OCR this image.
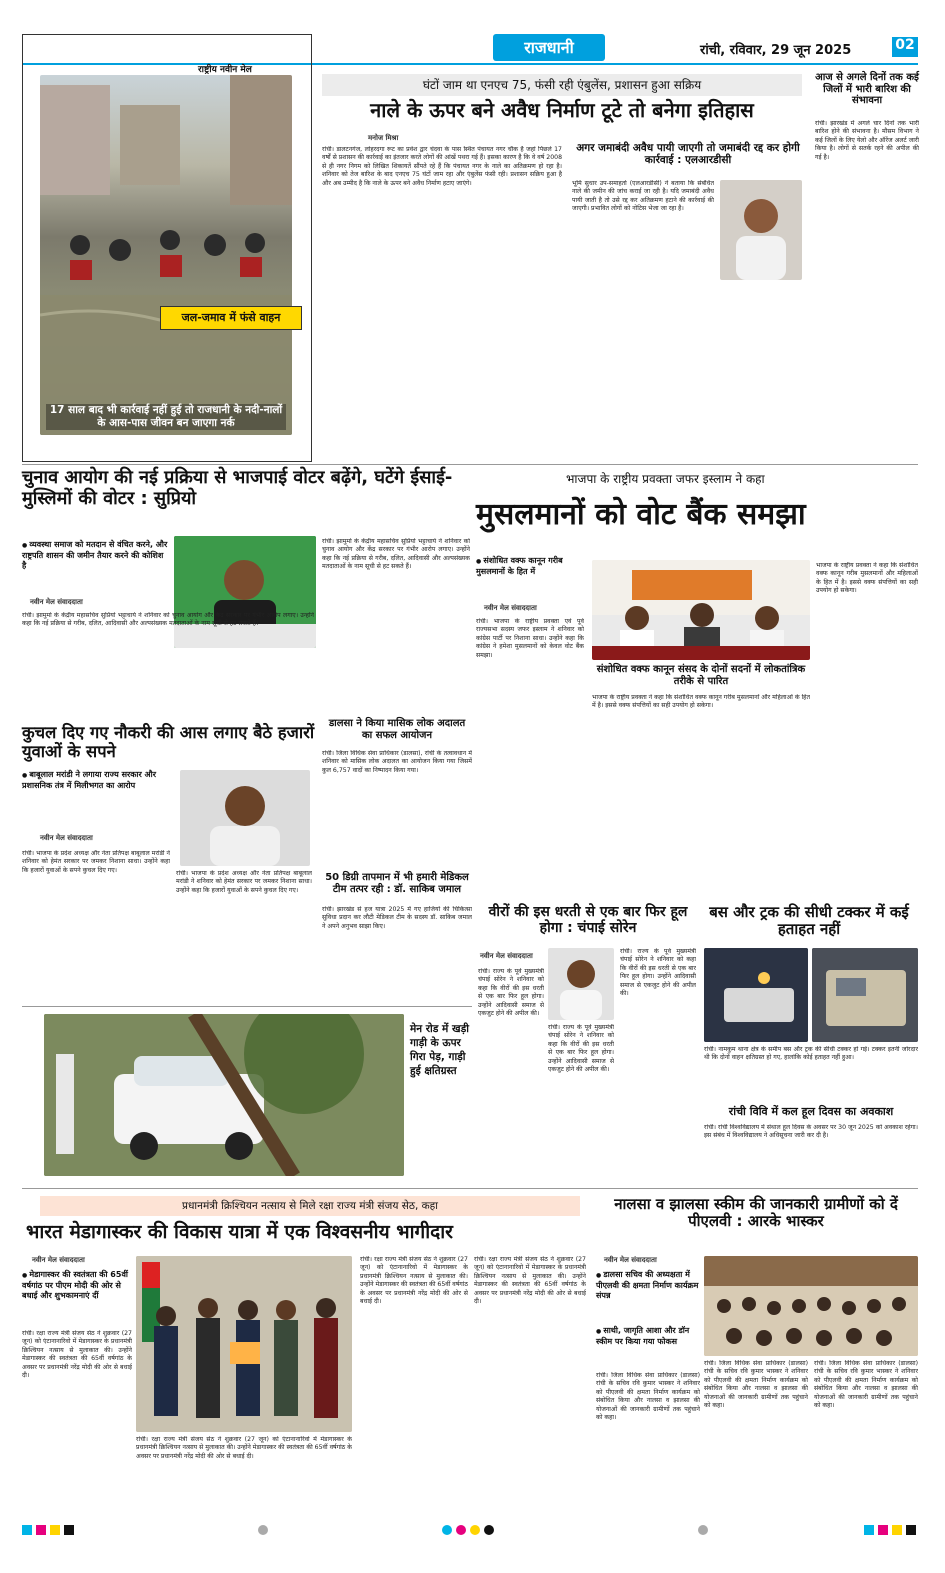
राजधानी	रांची, रविवार, 29 जून 2025	02
राष्ट्रीय नवीन मेल
जल-जमाव में फंसे वाहन
17 साल बाद भी कार्रवाई नहीं हुई तो राजधानी के नदी-नालों के आस-पास जीवन बन जाएगा नर्क
घंटों जाम था एनएच 75, फंसी रही एंबुलेंस, प्रशासन हुआ सक्रिय
नाले के ऊपर बने अवैध निर्माण टूटे तो बनेगा इतिहास
मनोज मिश्रा
रांची। डालटनगंज, लोहरदगा रूट का प्रवेश द्वार चंदवा के पास स्थित पंचायत नगर चौक है जहां पिछले 17 वर्षों से प्रशासन की कार्रवाई का इंतजार करते लोगों की आंखें पथरा गई हैं। इसका कारण है कि वे वर्ष 2008 से ही नगर निगम को लिखित शिकायतें सौंपते रहे हैं कि पंचायत नगर के नाले का अतिक्रमण हो रहा है। शनिवार को तेज बारिश के बाद एनएच 75 घंटों जाम रहा और एंबुलेंस फंसी रही। प्रशासन सक्रिय हुआ है और अब उम्मीद है कि नाले के ऊपर बने अवैध निर्माण हटाए जाएंगे।
अगर जमाबंदी अवैध पायी जाएगी तो जमाबंदी रद्द कर होगी कार्रवाई : एलआरडीसी
भूमि सुधार उप-समाहर्ता (एलआरडीसी) ने बताया कि संबंधित नाले की जमीन की जांच कराई जा रही है। यदि जमाबंदी अवैध पायी जाती है तो उसे रद्द कर अतिक्रमण हटाने की कार्रवाई की जाएगी। प्रभावित लोगों को नोटिस भेजा जा रहा है।
आज से अगले दिनों तक कई जिलों में भारी बारिश की संभावना
रांची। झारखंड में अगले चार दिनों तक भारी बारिश होने की संभावना है। मौसम विभाग ने कई जिलों के लिए येलो और ऑरेंज अलर्ट जारी किया है। लोगों से सतर्क रहने की अपील की गई है।
चुनाव आयोग की नई प्रक्रिया से भाजपाई वोटर बढ़ेंगे, घटेंगे ईसाई-मुस्लिमों की वोटर : सुप्रियो
● व्यवस्था समाज को मतदान से वंचित करने, और राष्ट्रपति शासन की जमीन तैयार करने की कोशिश है
नवीन मेल संवाददाता
रांची। झामुमो के केंद्रीय महासचिव सुप्रियो भट्टाचार्य ने शनिवार को चुनाव आयोग और केंद्र सरकार पर गंभीर आरोप लगाए। उन्होंने कहा कि नई प्रक्रिया से गरीब, दलित, आदिवासी और अल्पसंख्यक मतदाताओं के नाम सूची से हट सकते हैं।
रांची। झामुमो के केंद्रीय महासचिव सुप्रियो भट्टाचार्य ने शनिवार को चुनाव आयोग और केंद्र सरकार पर गंभीर आरोप लगाए। उन्होंने कहा कि नई प्रक्रिया से गरीब, दलित, आदिवासी और अल्पसंख्यक मतदाताओं के नाम सूची से हट सकते हैं।
भाजपा के राष्ट्रीय प्रवक्ता जफर इस्लाम ने कहा
मुसलमानों को वोट बैंक समझा
● संशोधित वक्फ कानून गरीब मुसलमानों के हित में
नवीन मेल संवाददाता
रांची। भाजपा के राष्ट्रीय प्रवक्ता एवं पूर्व राज्यसभा सदस्य जफर इस्लाम ने शनिवार को कांग्रेस पार्टी पर निशाना साधा। उन्होंने कहा कि कांग्रेस ने हमेशा मुसलमानों को केवल वोट बैंक समझा।
संशोधित वक्फ कानून संसद के दोनों सदनों में लोकतांत्रिक तरीके से पारित
भाजपा के राष्ट्रीय प्रवक्ता ने कहा कि संशोधित वक्फ कानून गरीब मुसलमानों और महिलाओं के हित में है। इससे वक्फ संपत्तियों का सही उपयोग हो सकेगा।
भाजपा के राष्ट्रीय प्रवक्ता ने कहा कि संशोधित वक्फ कानून गरीब मुसलमानों और महिलाओं के हित में है। इससे वक्फ संपत्तियों का सही उपयोग हो सकेगा।
कुचल दिए गए नौकरी की आस लगाए बैठे हजारों युवाओं के सपने
● बाबूलाल मरांडी ने लगाया राज्य सरकार और प्रशासनिक तंत्र में मिलीभगत का आरोप
नवीन मेल संवाददाता
रांची। भाजपा के प्रदेश अध्यक्ष और नेता प्रतिपक्ष बाबूलाल मरांडी ने शनिवार को हेमंत सरकार पर जमकर निशाना साधा। उन्होंने कहा कि हजारों युवाओं के सपने कुचल दिए गए।	रांची। भाजपा के प्रदेश अध्यक्ष और नेता प्रतिपक्ष बाबूलाल मरांडी ने शनिवार को हेमंत सरकार पर जमकर निशाना साधा। उन्होंने कहा कि हजारों युवाओं के सपने कुचल दिए गए।
डालसा ने किया मासिक लोक अदालत का सफल आयोजन
रांची। जिला विधिक सेवा प्राधिकार (डालसा), रांची के तत्वावधान में शनिवार को मासिक लोक अदालत का आयोजन किया गया जिसमें कुल 6,757 वादों का निष्पादन किया गया।
50 डिग्री तापमान में भी हमारी मेडिकल टीम तत्पर रही : डॉ. साकिब जमाल
रांची। झारखंड से हज यात्रा 2025 में गए हाजियों की चिकित्सा सुविधा प्रदान कर लौटी मेडिकल टीम के सदस्य डॉ. साकिब जमाल ने अपने अनुभव साझा किए।
मेन रोड में खड़ी गाड़ी के ऊपर गिरा पेड़, गाड़ी हुई क्षतिग्रस्त
वीरों की इस धरती से एक बार फिर हूल होगा : चंपाई सोरेन
नवीन मेल संवाददाता
रांची। राज्य के पूर्व मुख्यमंत्री चंपाई सोरेन ने शनिवार को कहा कि वीरों की इस धरती से एक बार फिर हूल होगा। उन्होंने आदिवासी समाज से एकजुट होने की अपील की।
रांची। राज्य के पूर्व मुख्यमंत्री चंपाई सोरेन ने शनिवार को कहा कि वीरों की इस धरती से एक बार फिर हूल होगा। उन्होंने आदिवासी समाज से एकजुट होने की अपील की।
रांची। राज्य के पूर्व मुख्यमंत्री चंपाई सोरेन ने शनिवार को कहा कि वीरों की इस धरती से एक बार फिर हूल होगा। उन्होंने आदिवासी समाज से एकजुट होने की अपील की।
बस और ट्रक की सीधी टक्कर में कई हताहत नहीं
रांची। नामकुम थाना क्षेत्र के समीप बस और ट्रक की सीधी टक्कर हो गई। टक्कर इतनी जोरदार थी कि दोनों वाहन क्षतिग्रस्त हो गए, हालांकि कोई हताहत नहीं हुआ।
रांची विवि में कल हूल दिवस का अवकाश
रांची। रांची विश्वविद्यालय में संथाल हूल दिवस के अवसर पर 30 जून 2025 को अवकाश रहेगा। इस संबंध में विश्वविद्यालय ने अधिसूचना जारी कर दी है।
प्रधानमंत्री क्रिश्चियन नत्साय से मिले रक्षा राज्य मंत्री संजय सेठ, कहा
भारत मेडागास्कर की विकास यात्रा में एक विश्वसनीय भागीदार
नवीन मेल संवाददाता
● मेडागास्कर की स्वतंत्रता की 65वीं वर्षगांठ पर पीएम मोदी की ओर से बधाई और शुभकामनाएं दीं
रांची। रक्षा राज्य मंत्री संजय सेठ ने शुक्रवार (27 जून) को एंटानानारिवो में मेडागास्कर के प्रधानमंत्री क्रिश्चियन नत्साय से मुलाकात की। उन्होंने मेडागास्कर की स्वतंत्रता की 65वीं वर्षगांठ के अवसर पर प्रधानमंत्री नरेंद्र मोदी की ओर से बधाई दी।
रांची। रक्षा राज्य मंत्री संजय सेठ ने शुक्रवार (27 जून) को एंटानानारिवो में मेडागास्कर के प्रधानमंत्री क्रिश्चियन नत्साय से मुलाकात की। उन्होंने मेडागास्कर की स्वतंत्रता की 65वीं वर्षगांठ के अवसर पर प्रधानमंत्री नरेंद्र मोदी की ओर से बधाई दी।
रांची। रक्षा राज्य मंत्री संजय सेठ ने शुक्रवार (27 जून) को एंटानानारिवो में मेडागास्कर के प्रधानमंत्री क्रिश्चियन नत्साय से मुलाकात की। उन्होंने मेडागास्कर की स्वतंत्रता की 65वीं वर्षगांठ के अवसर पर प्रधानमंत्री नरेंद्र मोदी की ओर से बधाई दी।
रांची। रक्षा राज्य मंत्री संजय सेठ ने शुक्रवार (27 जून) को एंटानानारिवो में मेडागास्कर के प्रधानमंत्री क्रिश्चियन नत्साय से मुलाकात की। उन्होंने मेडागास्कर की स्वतंत्रता की 65वीं वर्षगांठ के अवसर पर प्रधानमंत्री नरेंद्र मोदी की ओर से बधाई दी।
नालसा व झालसा स्कीम की जानकारी ग्रामीणों को दें पीएलवी : आरके भास्कर
नवीन मेल संवाददाता
● डालसा सचिव की अध्यक्षता में पीएलवी की क्षमता निर्माण कार्यक्रम संपन्न
● साथी, जागृति आशा और डॉन स्कीम पर किया गया फोकस
रांची। जिला विधिक सेवा प्राधिकार (डालसा) रांची के सचिव रवि कुमार भास्कर ने शनिवार को पीएलवी की क्षमता निर्माण कार्यक्रम को संबोधित किया और नालसा व झालसा की योजनाओं की जानकारी ग्रामीणों तक पहुंचाने को कहा।
रांची। जिला विधिक सेवा प्राधिकार (डालसा) रांची के सचिव रवि कुमार भास्कर ने शनिवार को पीएलवी की क्षमता निर्माण कार्यक्रम को संबोधित किया और नालसा व झालसा की योजनाओं की जानकारी ग्रामीणों तक पहुंचाने को कहा।
रांची। जिला विधिक सेवा प्राधिकार (डालसा) रांची के सचिव रवि कुमार भास्कर ने शनिवार को पीएलवी की क्षमता निर्माण कार्यक्रम को संबोधित किया और नालसा व झालसा की योजनाओं की जानकारी ग्रामीणों तक पहुंचाने को कहा।
